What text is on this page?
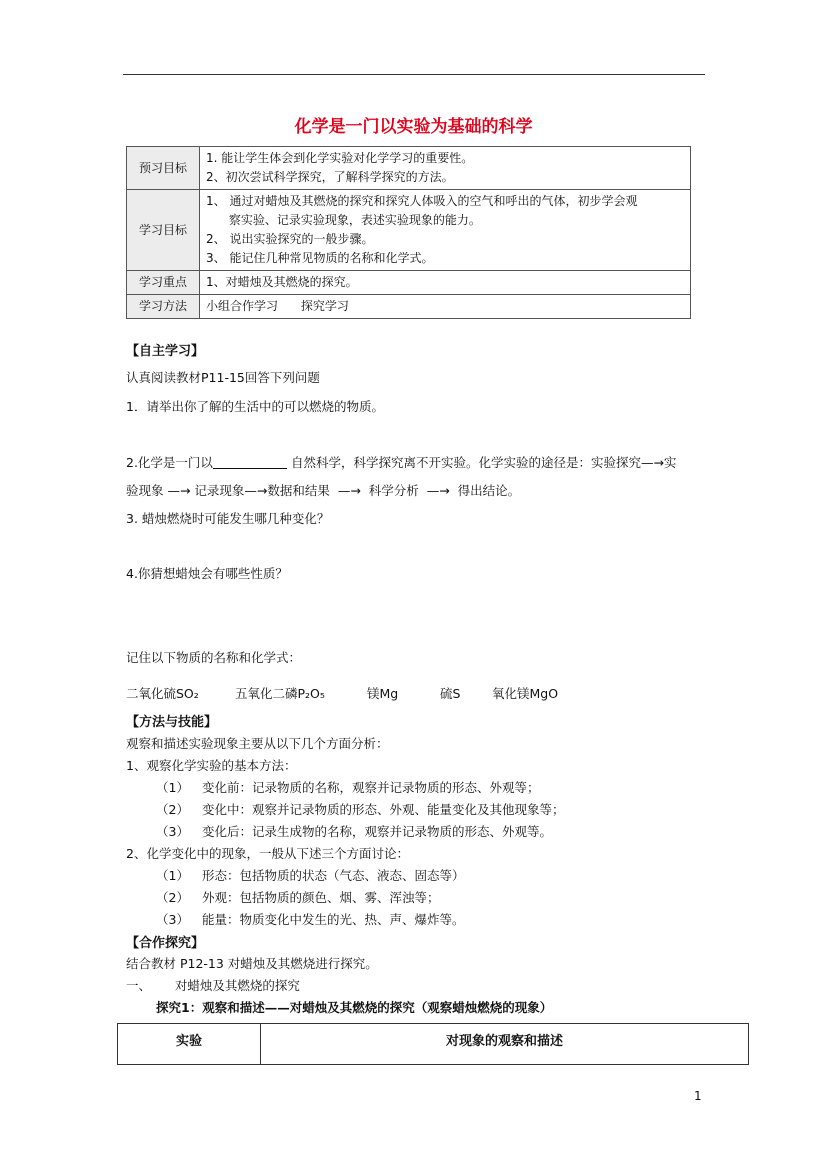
化学是一门以实验为基础的科学
预习目标	1. 能让学生体会到化学实验对化学学习的重要性。
2、初次尝试科学探究，了解科学探究的方法。

学习目标	1、 通过对蜡烛及其燃烧的探究和探究人体吸入的空气和呼出的气体，初步学会观
察实验、记录实验现象，表述实验现象的能力。
2、 说出实验探究的一般步骤。
3、 能记住几种常见物质的名称和化学式。

学习重点	1、对蜡烛及其燃烧的探究。

学习方法	小组合作学习      探究学习
【自主学习】
认真阅读教材P11-15回答下列问题
1．请举出你了解的生活中的可以燃烧的物质。
2.化学是一门以	自然科学，科学探究离不开实验。化学实验的途径是：实验探究—→实
验现象 —→ 记录现象—→数据和结果  —→  科学分析  —→  得出结论。
3. 蜡烛燃烧时可能发生哪几种变化？
4.你猜想蜡烛会有哪些性质？
记住以下物质的名称和化学式：
二氧化硫SO₂	五氧化二磷P₂O₅	镁Mg	硫S	氧化镁MgO
【方法与技能】
观察和描述实验现象主要从以下几个方面分析：
1、观察化学实验的基本方法：
（1） 变化前：记录物质的名称，观察并记录物质的形态、外观等；
（2） 变化中：观察并记录物质的形态、外观、能量变化及其他现象等；
（3） 变化后：记录生成物的名称，观察并记录物质的形态、外观等。
2、化学变化中的现象，一般从下述三个方面讨论：
（1） 形态：包括物质的状态（气态、液态、固态等）
（2） 外观：包括物质的颜色、烟、雾、浑浊等；
（3） 能量：物质变化中发生的光、热、声、爆炸等。
【合作探究】
结合教材 P12-13 对蜡烛及其燃烧进行探究。
一、      对蜡烛及其燃烧的探究
探究1：观察和描述——对蜡烛及其燃烧的探究（观察蜡烛燃烧的现象）
实验	对现象的观察和描述
1
